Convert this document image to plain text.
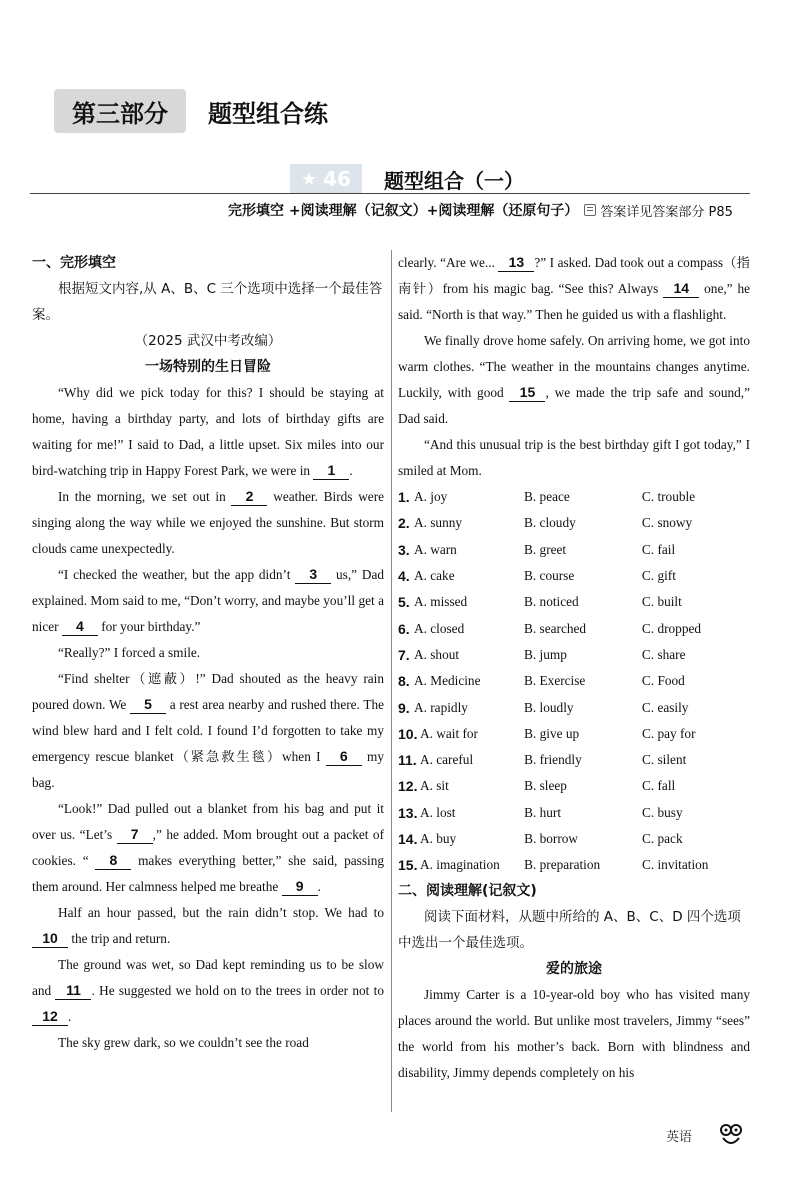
第三部分	题型组合练
★ 46 题型组合（一）
完形填空 +阅读理解（记叙文）+阅读理解（还原句子） 答案详见答案部分 P85
一、完形填空
根据短文内容,从 A、B、C 三个选项中选择一个最佳答案。
（2025 武汉中考改编）
一场特别的生日冒险
“Why did we pick today for this? I should be staying at home, having a birthday party, and lots of birthday gifts are waiting for me!” I said to Dad, a little upset. Six miles into our bird-watching trip in Happy Forest Park, we were in 1 .
In the morning, we set out in 2 weather. Birds were singing along the way while we enjoyed the sunshine. But storm clouds came unexpectedly.
“I checked the weather, but the app didn’t 3 us,” Dad explained. Mom said to me, “Don’t worry, and maybe you’ll get a nicer 4 for your birthday.”
“Really?” I forced a smile.
“Find shelter（遮蔽）!” Dad shouted as the heavy rain poured down. We 5 a rest area nearby and rushed there. The wind blew hard and I felt cold. I found I’d forgotten to take my emergency rescue blanket（紧急救生毯）when I 6 my bag.
“Look!” Dad pulled out a blanket from his bag and put it over us. “Let’s 7 ,” he added. Mom brought out a packet of cookies. “ 8 makes everything better,” she said, passing them around. Her calmness helped me breathe 9 .
Half an hour passed, but the rain didn’t stop. We had to 10 the trip and return.
The ground was wet, so Dad kept reminding us to be slow and 11 . He suggested we hold on to the trees in order not to 12 .
The sky grew dark, so we couldn’t see the road
clearly. “Are we... 13 ?” I asked. Dad took out a compass（指南针）from his magic bag. “See this? Always 14 one,” he said. “North is that way.” Then he guided us with a flashlight.
We finally drove home safely. On arriving home, we got into warm clothes. “The weather in the mountains changes anytime. Luckily, with good 15 , we made the trip safe and sound,” Dad said.
“And this unusual trip is the best birthday gift I got today,” I smiled at Mom.
1. A. joy	B. peace	C. trouble
2. A. sunny	B. cloudy	C. snowy
3. A. warn	B. greet	C. fail
4. A. cake	B. course	C. gift
5. A. missed	B. noticed	C. built
6. A. closed	B. searched	C. dropped
7. A. shout	B. jump	C. share
8. A. Medicine	B. Exercise	C. Food
9. A. rapidly	B. loudly	C. easily
10. A. wait for	B. give up	C. pay for
11. A. careful	B. friendly	C. silent
12. A. sit	B. sleep	C. fall
13. A. lost	B. hurt	C. busy
14. A. buy	B. borrow	C. pack
15. A. imagination	B. preparation	C. invitation
二、阅读理解(记叙文)
阅读下面材料，从题中所给的 A、B、C、D 四个选项中选出一个最佳选项。
爱的旅途
Jimmy Carter is a 10-year-old boy who has visited many places around the world. But unlike most travelers, Jimmy “sees” the world from his mother’s back. Born with blindness and disability, Jimmy depends completely on his
英语
